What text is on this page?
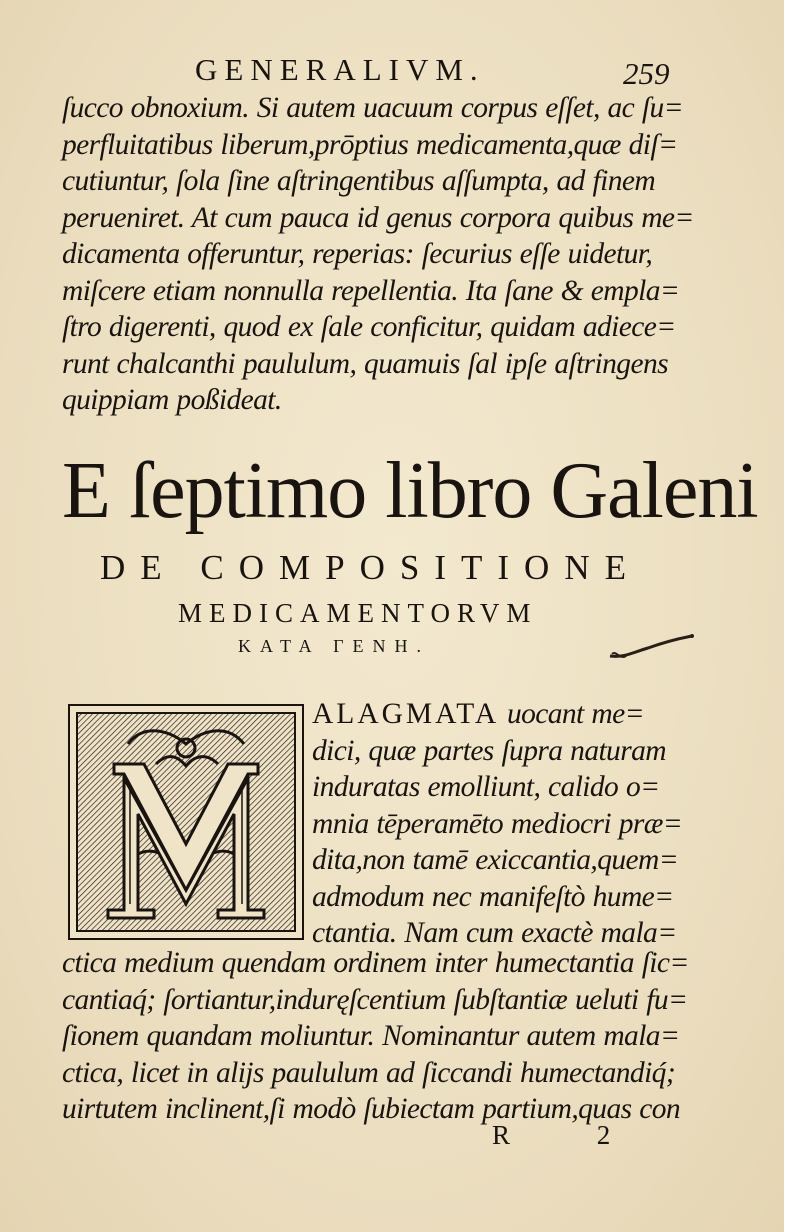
GENERALIVM.	259
ſucco obnoxium. Si autem uacuum corpus eſſet, ac ſu=
perfluitatibus liberum,prōptius medicamenta,quæ diſ=
cutiuntur, ſola ſine aſtringentibus aſſumpta, ad finem
perueniret. At cum pauca id genus corpora quibus me=
dicamenta offeruntur, reperias: ſecurius eſſe uidetur,
miſcere etiam nonnulla repellentia. Ita ſane & empla=
ſtro digerenti, quod ex ſale conficitur, quidam adiece=
runt chalcanthi paululum, quamuis ſal ipſe aſtringens
quippiam poßideat.
E ſeptimo libro Galeni
DE COMPOSITIONE
MEDICAMENTORVM
ΚΑΤΑ ΓΕΝΗ.
ALAGMATA uocant me=
dici, quæ partes ſupra naturam
induratas emolliunt, calido o=
mnia tēperamēto mediocri præ=
dita,non tamē exiccantia,quem=
admodum nec manifeſtò hume=
ctantia. Nam cum exactè mala=
ctica medium quendam ordinem inter humectantia ſic=
cantiaq́; ſortiantur,induręſcentium ſubſtantiæ ueluti fu=
ſionem quandam moliuntur. Nominantur autem mala=
ctica, licet in alijs paululum ad ſiccandi humectandiq́;
uirtutem inclinent,ſi modò ſubiectam partium,quas con
R 2
